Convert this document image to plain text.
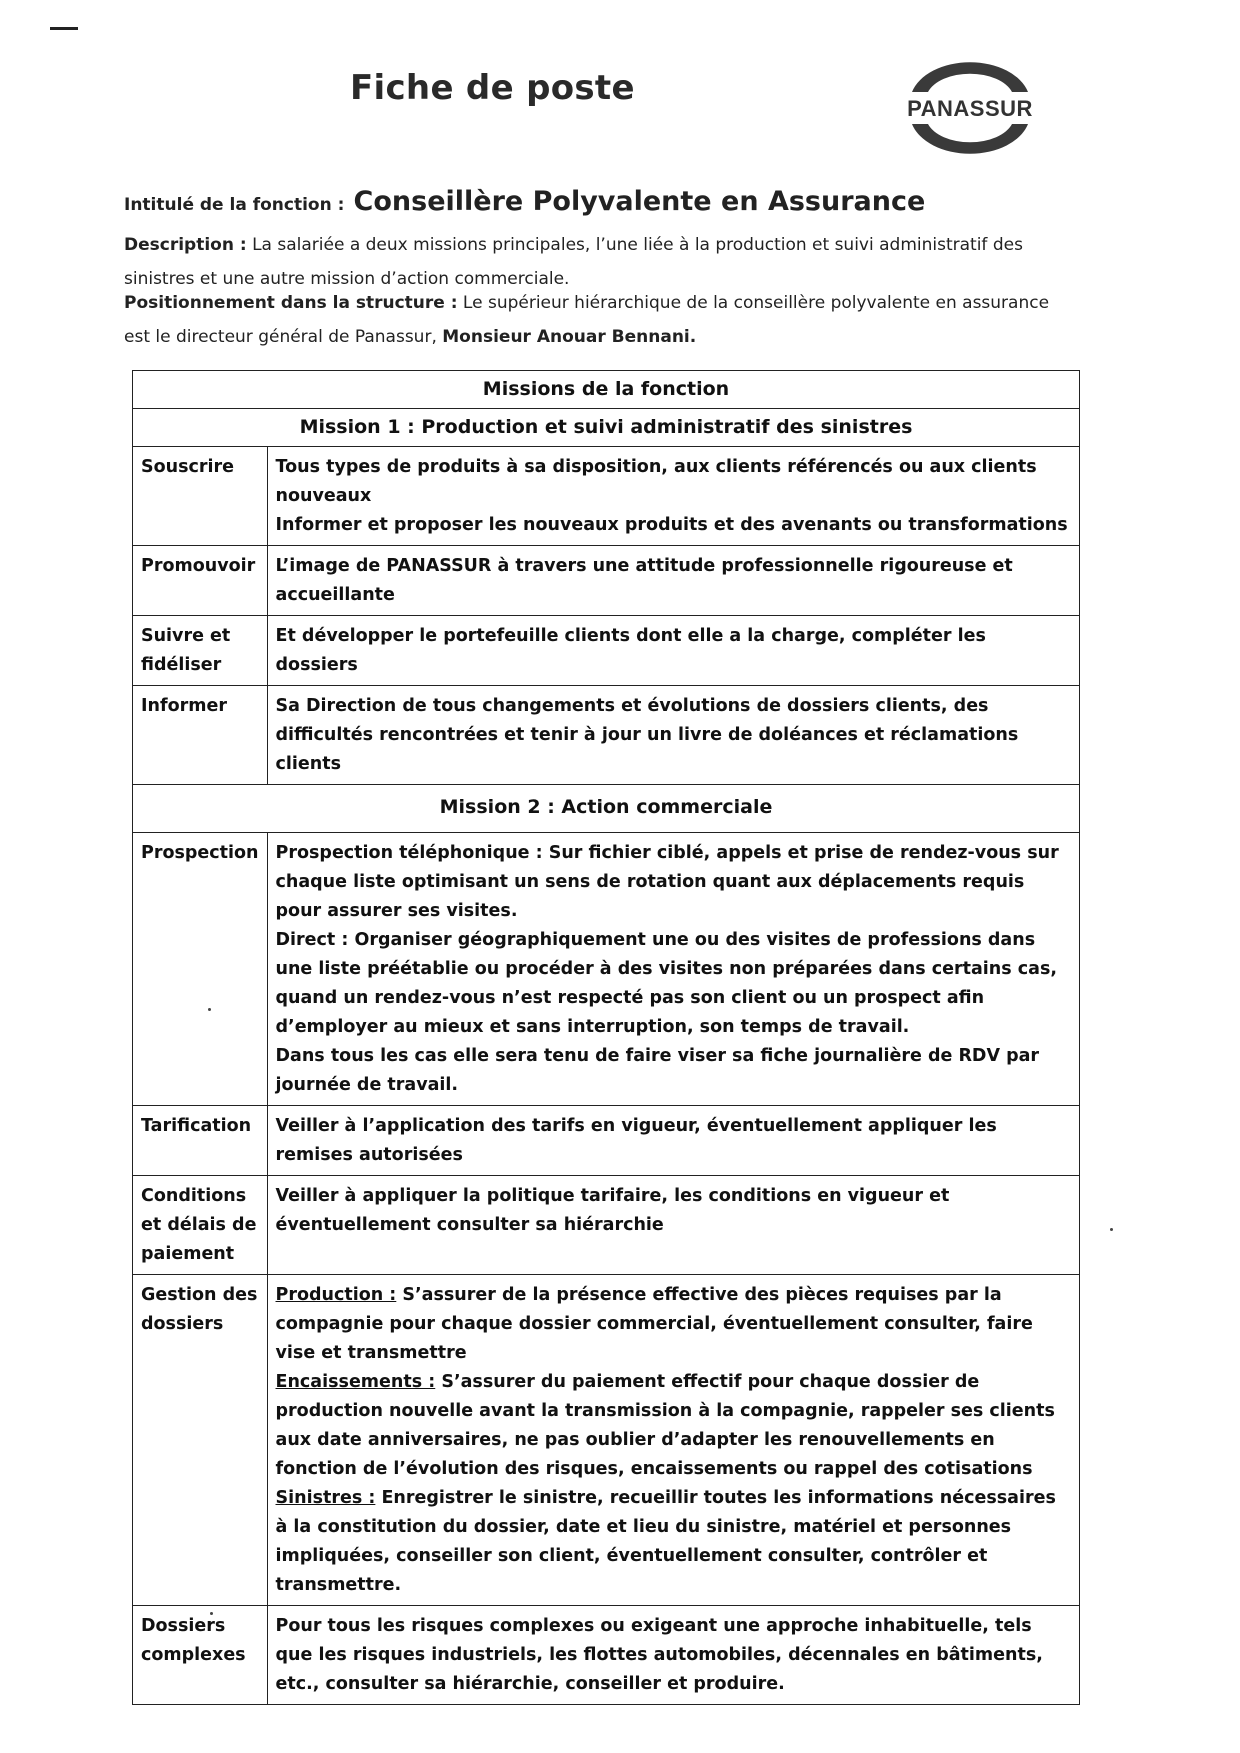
Fiche de poste
PANASSUR
Intitulé de la fonction : Conseillère Polyvalente en Assurance
Description : La salariée a deux missions principales, l’une liée à la production et suivi administratif des sinistres et une autre mission d’action commerciale.
Positionnement dans la structure : Le supérieur hiérarchique de la conseillère polyvalente en assurance est le directeur général de Panassur, Monsieur Anouar Bennani.
Missions de la fonction	
Mission 1 : Production et suivi administratif des sinistres	
Souscrire	Tous types de produits à sa disposition, aux clients référencés ou aux clients nouveaux
Informer et proposer les nouveaux produits et des avenants ou transformations

Promouvoir	L’image de PANASSUR à travers une attitude professionnelle rigoureuse et accueillante

Suivre et fidéliser	Et développer le portefeuille clients dont elle a la charge, compléter les dossiers

Informer	Sa Direction de tous changements et évolutions de dossiers clients, des difficultés rencontrées et tenir à jour un livre de doléances et réclamations clients

Mission 2 : Action commerciale	
Prospection	Prospection téléphonique : Sur fichier ciblé, appels et prise de rendez-vous sur chaque liste optimisant un sens de rotation quant aux déplacements requis pour assurer ses visites.
Direct : Organiser géographiquement une ou des visites de professions dans une liste préétablie ou procéder à des visites non préparées dans certains cas, quand un rendez-vous n’est respecté pas son client ou un prospect afin d’employer au mieux et sans interruption, son temps de travail.
Dans tous les cas elle sera tenu de faire viser sa fiche journalière de RDV par journée de travail.

Tarification	Veiller à l’application des tarifs en vigueur, éventuellement appliquer les remises autorisées
Conditions et délais de paiement	Veiller à appliquer la politique tarifaire, les conditions en vigueur et éventuellement consulter sa hiérarchie
Gestion des dossiers	Production : S’assurer de la présence effective des pièces requises par la compagnie pour chaque dossier commercial, éventuellement consulter, faire vise et transmettre
Encaissements : S’assurer du paiement effectif pour chaque dossier de production nouvelle avant la transmission à la compagnie, rappeler ses clients aux date anniversaires, ne pas oublier d’adapter les renouvellements en fonction de l’évolution des risques, encaissements ou rappel des cotisations
Sinistres : Enregistrer le sinistre, recueillir toutes les informations nécessaires à la constitution du dossier, date et lieu du sinistre, matériel et personnes impliquées, conseiller son client, éventuellement consulter, contrôler et transmettre.

Dossiers complexes	Pour tous les risques complexes ou exigeant une approche inhabituelle, tels que les risques industriels, les flottes automobiles, décennales en bâtiments, etc., consulter sa hiérarchie, conseiller et produire.
